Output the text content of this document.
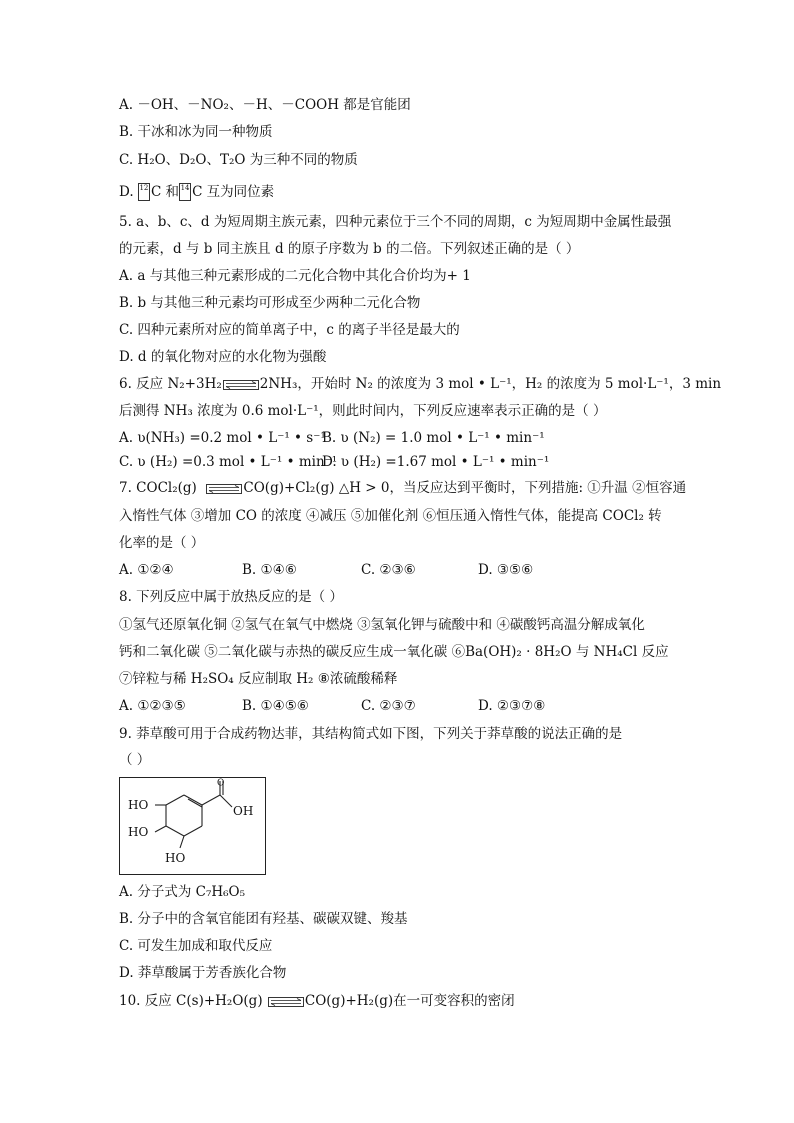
A. －OH、－NO₂、－H、－COOH 都是官能团
B. 干冰和冰为同一种物质
C. H₂O、D₂O、T₂O 为三种不同的物质
D. 12 C 和 14 C 互为同位素
5. a、b、c、d 为短周期主族元素，四种元素位于三个不同的周期，c 为短周期中金属性最强
的元素，d 与 b 同主族且 d 的原子序数为 b 的二倍。下列叙述正确的是（ ）
A. a 与其他三种元素形成的二元化合物中其化合价均为+ 1
B. b 与其他三种元素均可形成至少两种二元化合物
C. 四种元素所对应的简单离子中，c 的离子半径是最大的
D. d 的氧化物对应的水化物为强酸
6. 反应 N₂+3H₂	2NH₃，开始时 N₂ 的浓度为 3 mol • L⁻¹，H₂ 的浓度为 5 mol·L⁻¹，3 min
后测得 NH₃ 浓度为 0.6 mol·L⁻¹，则此时间内，下列反应速率表示正确的是（ ）
A. ʋ(NH₃) =0.2 mol • L⁻¹ • s⁻¹B. ʋ (N₂) = 1.0 mol • L⁻¹ • min⁻¹
C. ʋ (H₂) =0.3 mol • L⁻¹ • min⁻¹D. ʋ (H₂) =1.67 mol • L⁻¹ • min⁻¹
7. COCl₂(g)	CO(g)+Cl₂(g) △H > 0，当反应达到平衡时，下列措施: ①升温 ②恒容通
入惰性气体 ③增加 CO 的浓度 ④减压 ⑤加催化剂 ⑥恒压通入惰性气体，能提高 COCl₂ 转
化率的是（ ）
A. ①②④	B. ①④⑥	C. ②③⑥	D. ③⑤⑥
8. 下列反应中属于放热反应的是（ ）
①氢气还原氧化铜 ②氢气在氧气中燃烧 ③氢氧化钾与硫酸中和 ④碳酸钙高温分解成氧化
钙和二氧化碳 ⑤二氧化碳与赤热的碳反应生成一氧化碳 ⑥Ba(OH)₂ · 8H₂O 与 NH₄Cl 反应
⑦锌粒与稀 H₂SO₄ 反应制取 H₂ ⑧浓硫酸稀释
A. ①②③⑤	B. ①④⑤⑥	C. ②③⑦	D. ②③⑦⑧
9. 莽草酸可用于合成药物达菲，其结构简式如下图，下列关于莽草酸的说法正确的是
（ ）
HO
HO
HO
O
OH
A. 分子式为 C₇H₆O₅
B. 分子中的含氧官能团有羟基、碳碳双键、羧基
C. 可发生加成和取代反应
D. 莽草酸属于芳香族化合物
10. 反应 C(s)+H₂O(g)	CO(g)+H₂(g)在一可变容积的密闭
